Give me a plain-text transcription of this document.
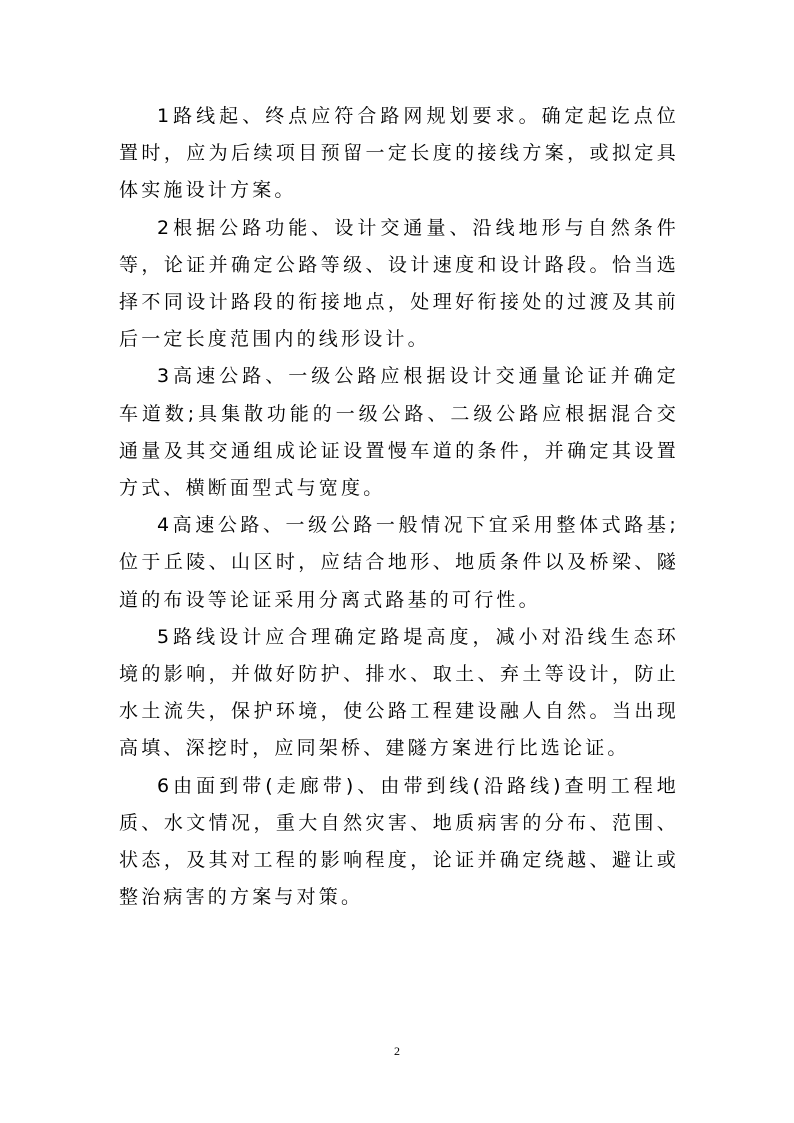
1路线起、终点应符合路网规划要求。确定起讫点位置时，应为后续项目预留一定长度的接线方案，或拟定具体实施设计方案。

2根据公路功能、设计交通量、沿线地形与自然条件等，论证并确定公路等级、设计速度和设计路段。恰当选择不同设计路段的衔接地点，处理好衔接处的过渡及其前后一定长度范围内的线形设计。

3高速公路、一级公路应根据设计交通量论证并确定车道数;具集散功能的一级公路、二级公路应根据混合交通量及其交通组成论证设置慢车道的条件，并确定其设置方式、横断面型式与宽度。

4高速公路、一级公路一般情况下宜采用整体式路基;位于丘陵、山区时，应结合地形、地质条件以及桥梁、隧道的布设等论证采用分离式路基的可行性。

5路线设计应合理确定路堤高度，减小对沿线生态环境的影响，并做好防护、排水、取土、弃土等设计，防止水土流失，保护环境，使公路工程建设融人自然。当出现高填、深挖时，应同架桥、建隧方案进行比选论证。

6由面到带(走廊带)、由带到线(沿路线)查明工程地质、水文情况，重大自然灾害、地质病害的分布、范围、状态，及其对工程的影响程度，论证并确定绕越、避让或整治病害的方案与对策。

2
